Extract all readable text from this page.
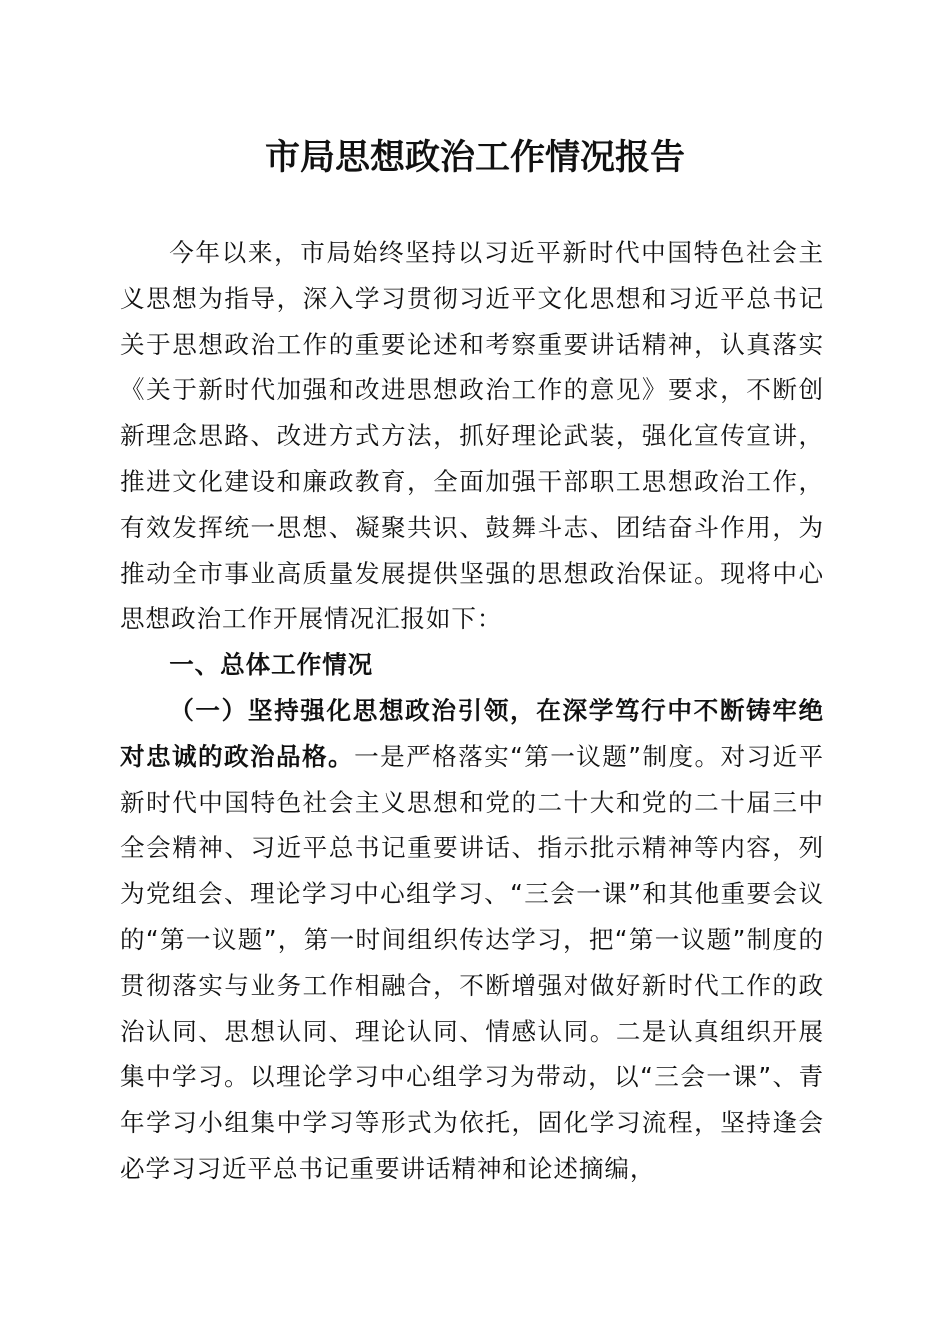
市局思想政治工作情况报告

今年以来，市局始终坚持以习近平新时代中国特色社会主义思想为指导，深入学习贯彻习近平文化思想和习近平总书记关于思想政治工作的重要论述和考察重要讲话精神，认真落实《关于新时代加强和改进思想政治工作的意见》要求，不断创新理念思路、改进方式方法，抓好理论武装，强化宣传宣讲，推进文化建设和廉政教育，全面加强干部职工思想政治工作，有效发挥统一思想、凝聚共识、鼓舞斗志、团结奋斗作用，为推动全市事业高质量发展提供坚强的思想政治保证。现将中心思想政治工作开展情况汇报如下：

一、总体工作情况

（一）坚持强化思想政治引领，在深学笃行中不断铸牢绝对忠诚的政治品格。一是严格落实“第一议题”制度。对习近平新时代中国特色社会主义思想和党的二十大和党的二十届三中全会精神、习近平总书记重要讲话、指示批示精神等内容，列为党组会、理论学习中心组学习、“三会一课”和其他重要会议的“第一议题”，第一时间组织传达学习，把“第一议题”制度的贯彻落实与业务工作相融合，不断增强对做好新时代工作的政治认同、思想认同、理论认同、情感认同。二是认真组织开展集中学习。以理论学习中心组学习为带动，以“三会一课”、青年学习小组集中学习等形式为依托，固化学习流程，坚持逢会必学习习近平总书记重要讲话精神和论述摘编，
